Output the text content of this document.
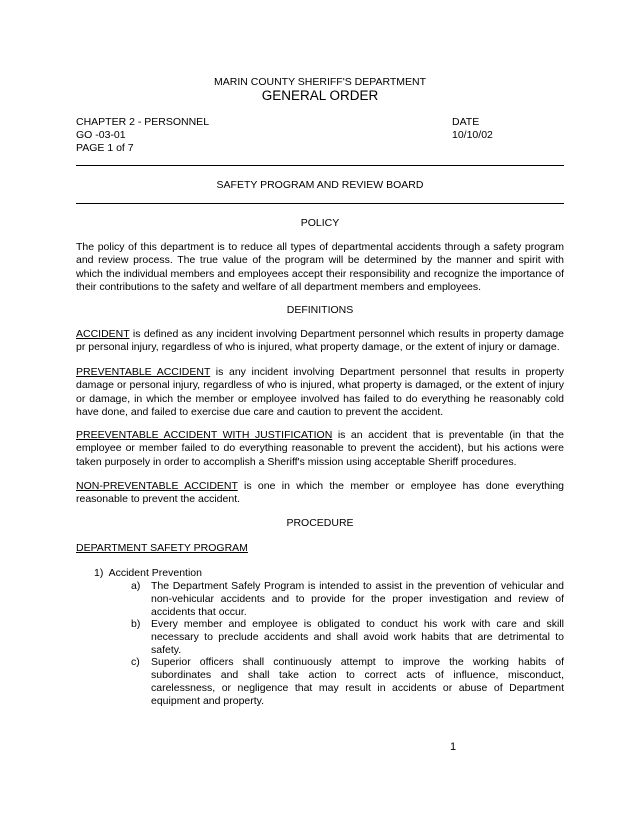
MARIN COUNTY SHERIFF'S DEPARTMENT
GENERAL ORDER
CHAPTER 2 - PERSONNEL
GO -03-01
PAGE 1 of 7
DATE
10/10/02
SAFETY PROGRAM AND REVIEW BOARD
POLICY
The policy of this department is to reduce all types of departmental accidents through a safety program and review process. The true value of the program will be determined by the manner and spirit with which the individual members and employees accept their responsibility and recognize the importance of their contributions to the safety and welfare of all department members and employees.
DEFINITIONS
ACCIDENT is defined as any incident involving Department personnel which results in property damage pr personal injury, regardless of who is injured, what property damage, or the extent of injury or damage.
PREVENTABLE ACCIDENT is any incident involving Department personnel that results in property damage or personal injury, regardless of who is injured, what property is damaged, or the extent of injury or damage, in which the member or employee involved has failed to do everything he reasonably cold have done, and failed to exercise due care and caution to prevent the accident.
PREEVENTABLE ACCIDENT WITH JUSTIFICATION is an accident that is preventable (in that the employee or member failed to do everything reasonable to prevent the accident), but his actions were taken purposely in order to accomplish a Sheriff's mission using acceptable Sheriff procedures.
NON-PREVENTABLE ACCIDENT is one in which the member or employee has done everything reasonable to prevent the accident.
PROCEDURE
DEPARTMENT SAFETY PROGRAM
1)  Accident Prevention
a) The Department Safely Program is intended to assist in the prevention of vehicular and non-vehicular accidents and to provide for the proper investigation and review of accidents that occur.
b) Every member and employee is obligated to conduct his work with care and skill necessary to preclude accidents and shall avoid work habits that are detrimental to safety.
c) Superior officers shall continuously attempt to improve the working habits of subordinates and shall take action to correct acts of influence, misconduct, carelessness, or negligence that may result in accidents or abuse of Department equipment and property.
1
